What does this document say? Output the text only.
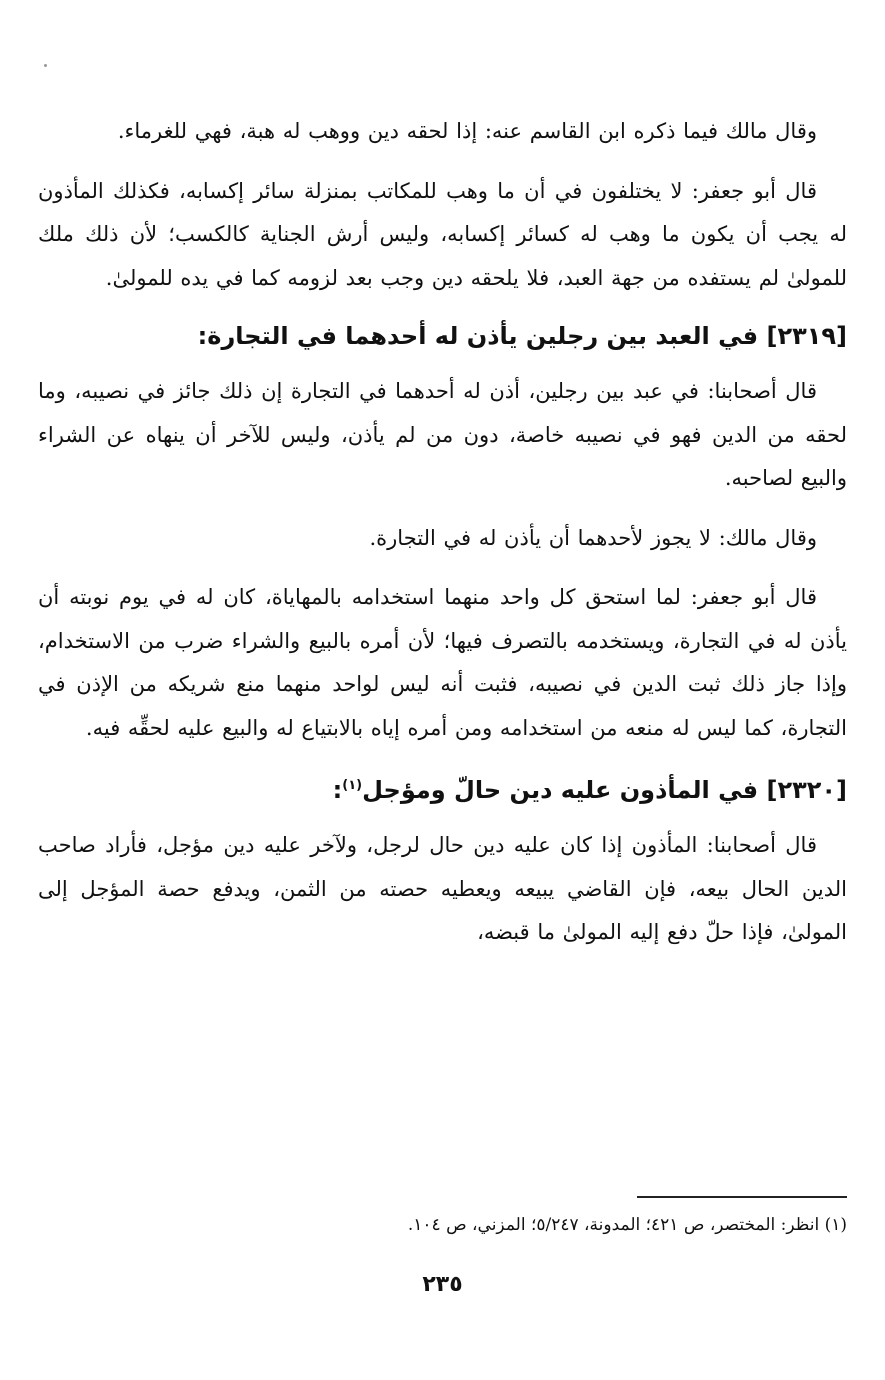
وقال مالك فيما ذكره ابن القاسم عنه: إذا لحقه دين ووهب له هبة، فهي للغرماء.

قال أبو جعفر: لا يختلفون في أن ما وهب للمكاتب بمنزلة سائر إكسابه، فكذلك المأذون له يجب أن يكون ما وهب له كسائر إكسابه، وليس أرش الجناية كالكسب؛ لأن ذلك ملك للمولىٰ لم يستفده من جهة العبد، فلا يلحقه دين وجب بعد لزومه كما في يده للمولىٰ.

[٢٣١٩] في العبد بين رجلين يأذن له أحدهما في التجارة:

قال أصحابنا: في عبد بين رجلين، أذن له أحدهما في التجارة إن ذلك جائز في نصيبه، وما لحقه من الدين فهو في نصيبه خاصة، دون من لم يأذن، وليس للآخر أن ينهاه عن الشراء والبيع لصاحبه.

وقال مالك: لا يجوز لأحدهما أن يأذن له في التجارة.

قال أبو جعفر: لما استحق كل واحد منهما استخدامه بالمهاياة، كان له في يوم نوبته أن يأذن له في التجارة، ويستخدمه بالتصرف فيها؛ لأن أمره بالبيع والشراء ضرب من الاستخدام، وإذا جاز ذلك ثبت الدين في نصيبه، فثبت أنه ليس لواحد منهما منع شريكه من الإذن في التجارة، كما ليس له منعه من استخدامه ومن أمره إياه بالابتياع له والبيع عليه لحقِّه فيه.

[٢٣٢٠] في المأذون عليه دين حالّ ومؤجل$^{(١)}$:

قال أصحابنا: المأذون إذا كان عليه دين حال لرجل، ولآخر عليه دين مؤجل، فأراد صاحب الدين الحال بيعه، فإن القاضي يبيعه ويعطيه حصته من الثمن، ويدفع حصة المؤجل إلى المولىٰ، فإذا حلّ دفع إليه المولىٰ ما قبضه،

(١) انظر: المختصر، ص ٤٢١؛ المدونة، ٥/٢٤٧؛ المزني، ص ١٠٤.
٢٣٥
